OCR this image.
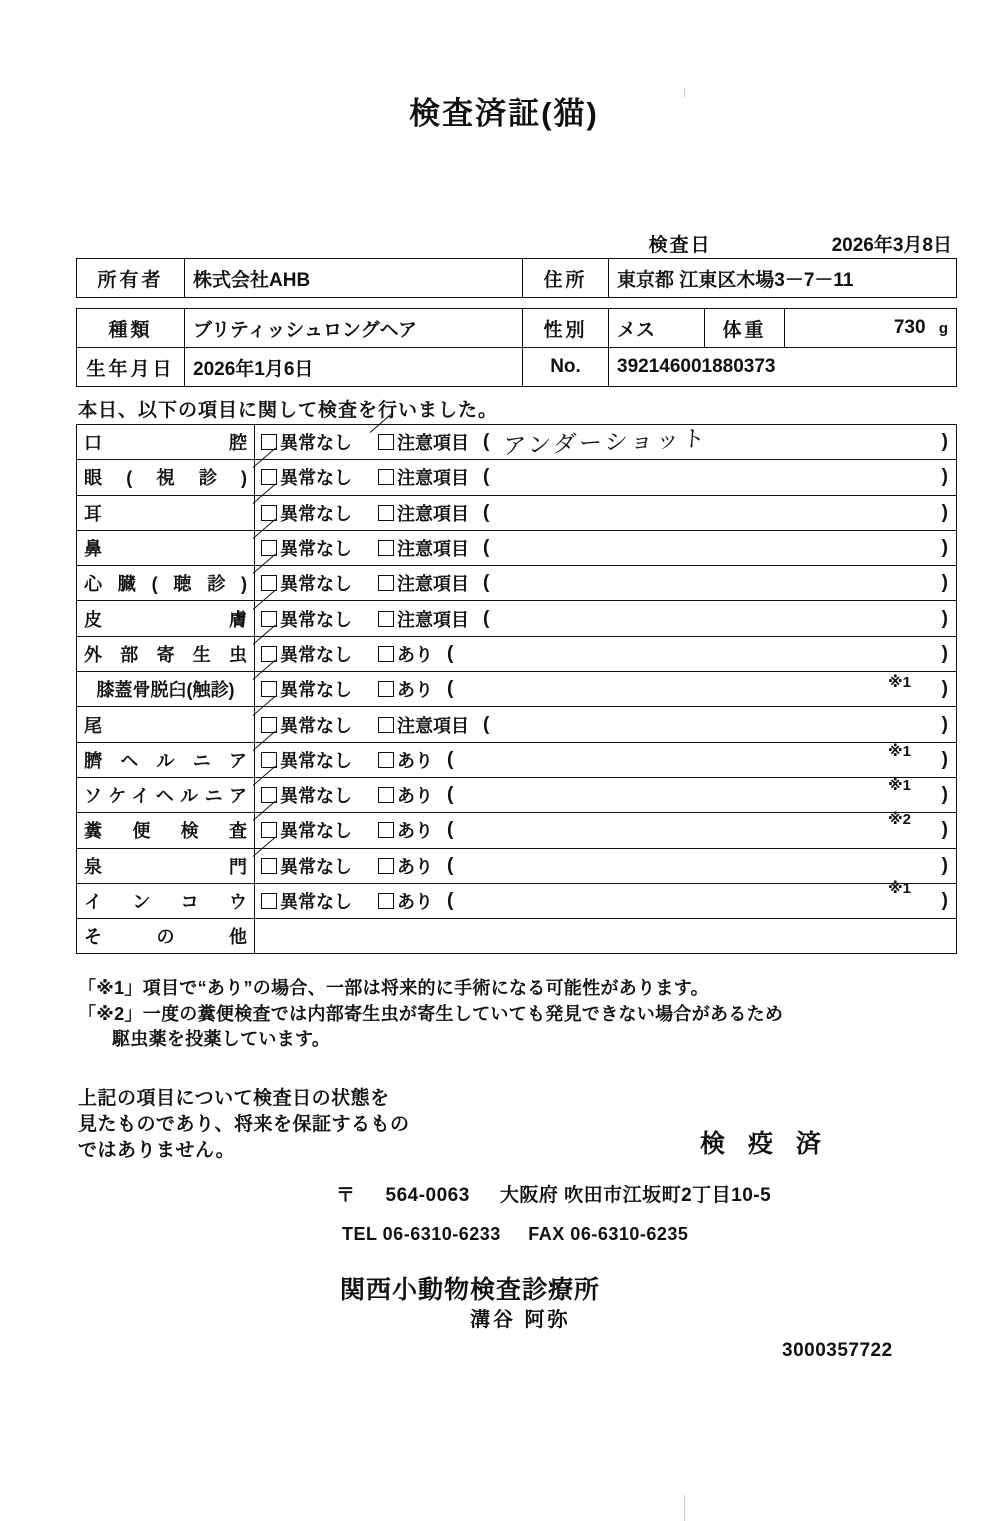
検査済証(猫)
検査日	2026年3月8日
所有者	株式会社AHB	住所	東京都 江東区木場3－7－11
種類	ブリティッシュロングヘア	性別	メス	体重	730 g
生年月日	2026年1月6日	No.	392146001880373		
本日、以下の項目に関して検査を行いました。
口腔	異常なし 注意項目 ( アンダーショット )

眼(視診)	異常なし 注意項目 ( )

耳	異常なし 注意項目 ( )

鼻	異常なし 注意項目 ( )

心臓(聴診)	異常なし 注意項目 ( )

皮膚	異常なし 注意項目 ( )

外部寄生虫	異常なし あり ( )

膝蓋骨脱臼(触診)	異常なし あり ( )

尾	異常なし 注意項目 ( )

臍ヘルニア	異常なし あり ( )

ソケイヘルニア	異常なし あり ( )

糞便検査	異常なし あり ( )

泉門	異常なし あり ( )

インコウ	異常なし あり ( )

その他	
「※1」項目で“あり”の場合、一部は将来的に手術になる可能性があります。
「※2」一度の糞便検査では内部寄生虫が寄生していても発見できない場合があるため
駆虫薬を投薬しています。
上記の項目について検査日の状態を
見たものであり、将来を保証するもの
ではありません。	検 疫 済
〒 564-0063 大阪府 吹田市江坂町2丁目10-5
TEL 06-6310-6233 FAX 06-6310-6235
関西小動物検査診療所
溝谷 阿弥
3000357722
※1
※1
※1
※2
※1
